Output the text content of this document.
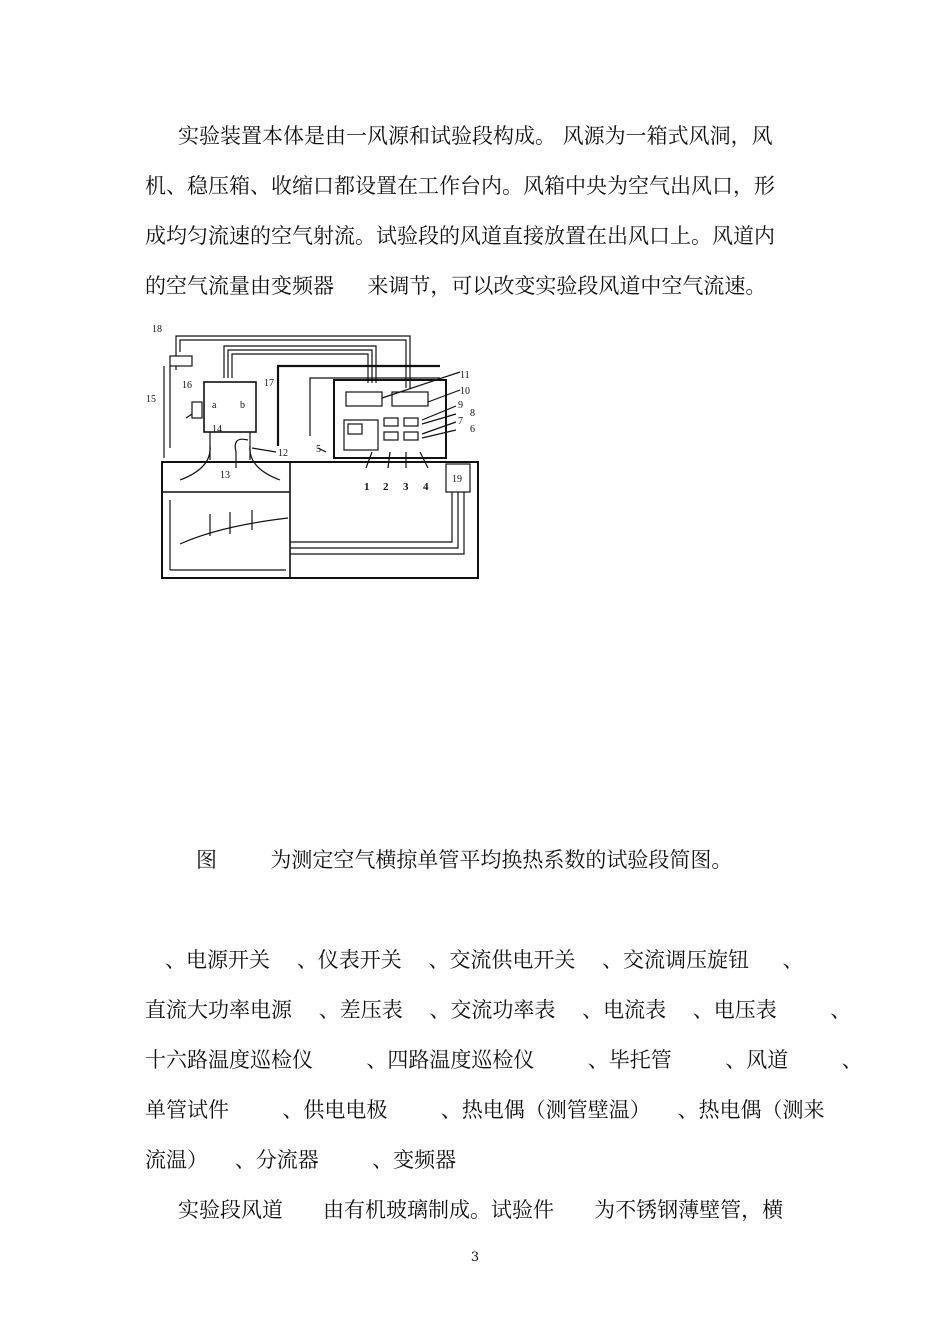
实验装置本体是由一风源和试验段构成。 风源为一箱式风洞，风
机、稳压箱、收缩口都设置在工作台内。风箱中央为空气出风口，形
成均匀流速的空气射流。试验段的风道直接放置在出风口上。风道内
的空气流量由变频器     来调节，可以改变实验段风道中空气流速。
18
16	17
15
a b
14
13
12	5
11
10
9
8
7
6
1 2 3 4
19
图        为测定空气横掠单管平均换热系数的试验段简图。
、电源开关    、仪表开关    、交流供电开关    、交流调压旋钮     、
直流大功率电源    、差压表    、交流功率表    、电流表    、电压表        、
十六路温度巡检仪        、四路温度巡检仪        、毕托管        、风道        、
单管试件        、供电电极        、热电偶（测管壁温）    、热电偶（测来
流温）    、分流器        、变频器
实验段风道      由有机玻璃制成。试验件      为不锈钢薄壁管，横
3
